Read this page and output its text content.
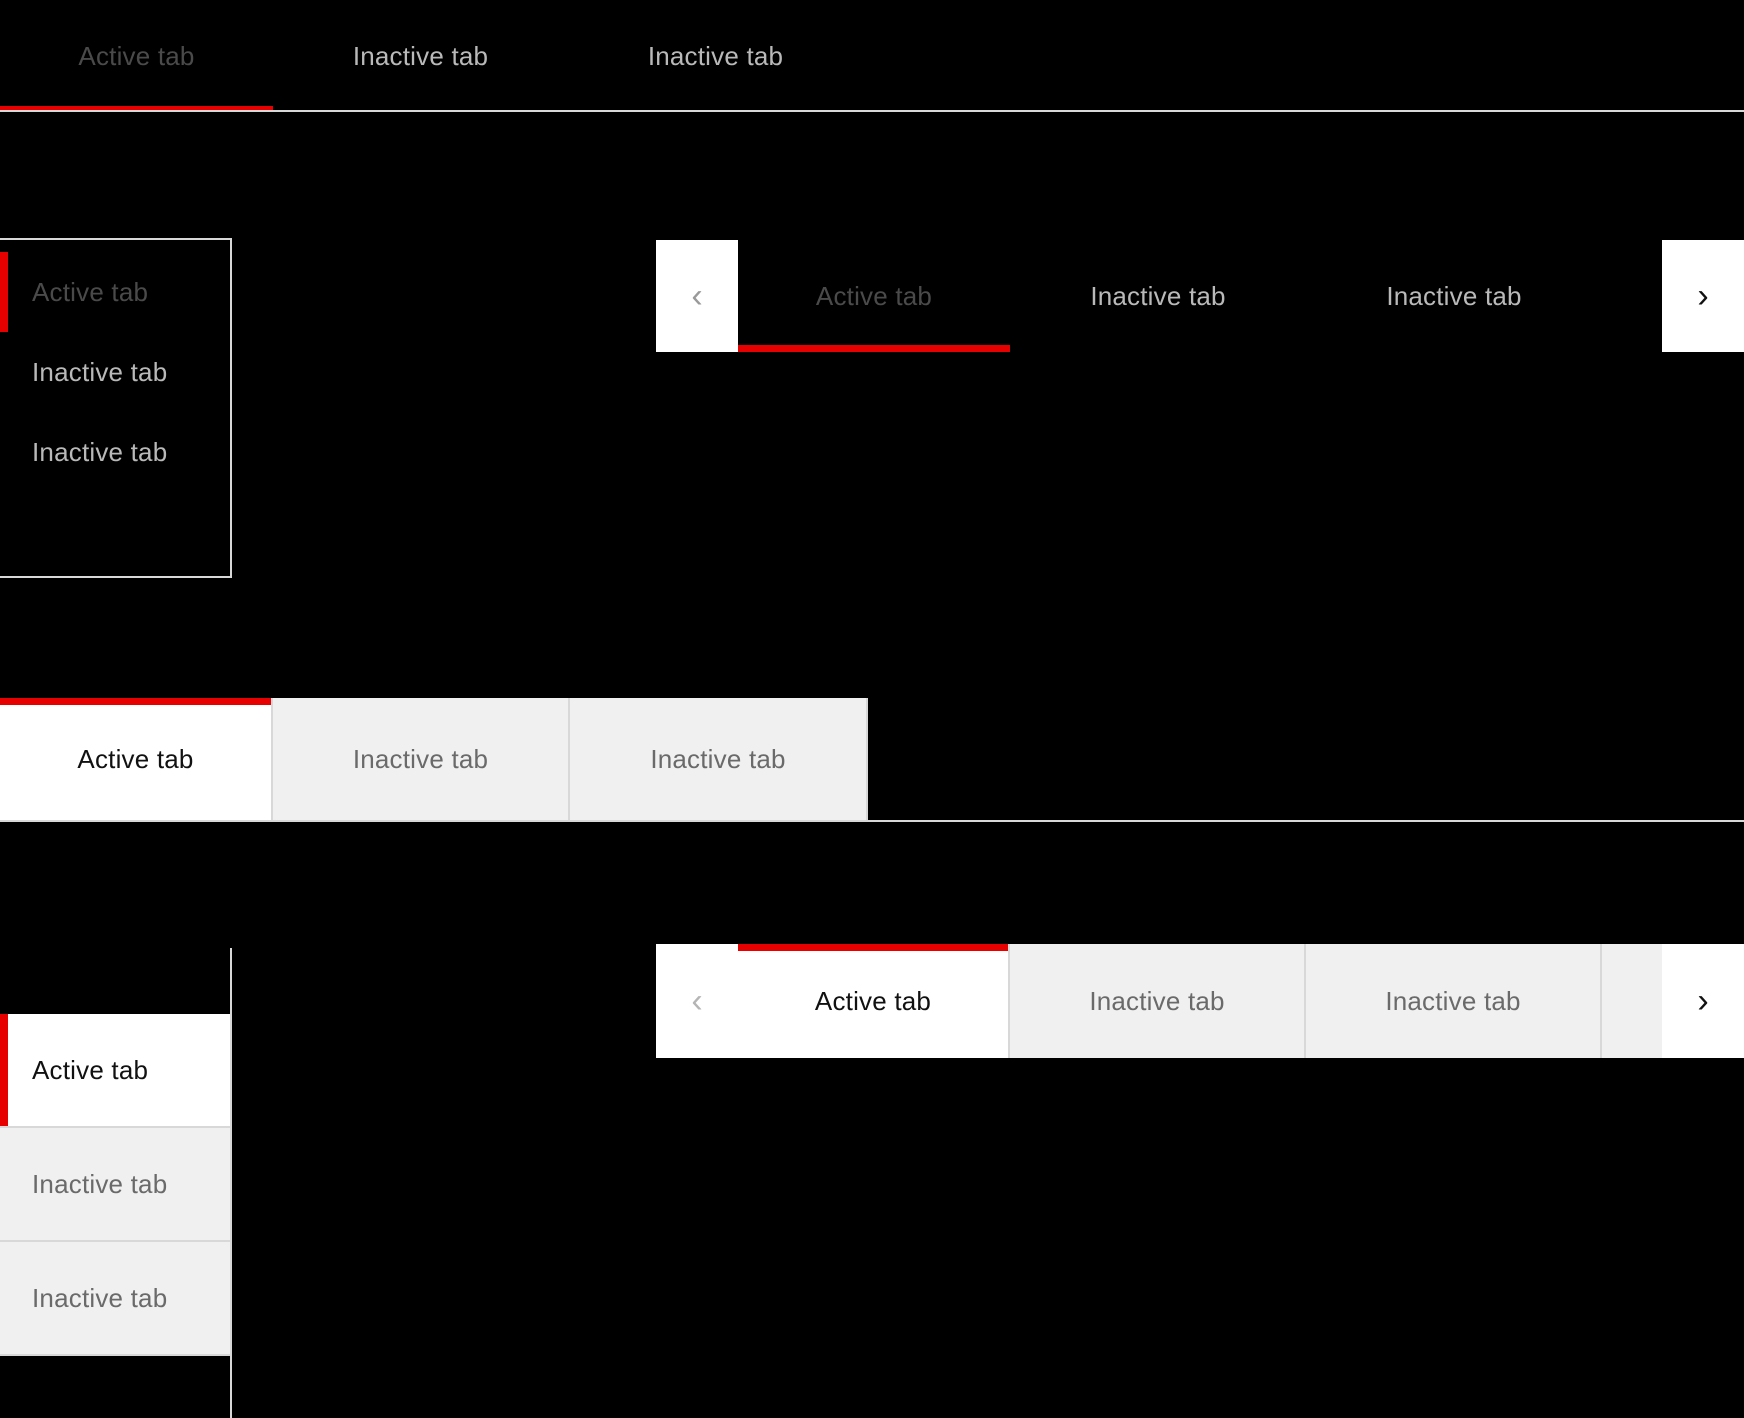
Active tab	Inactive tab	Inactive tab
Active tab
Inactive tab
Inactive tab
‹	Active tab	Inactive tab	Inactive tab	›
Active tab	Inactive tab	Inactive tab
Active tab
Inactive tab
Inactive tab
‹	Active tab	Inactive tab	Inactive tab	›
